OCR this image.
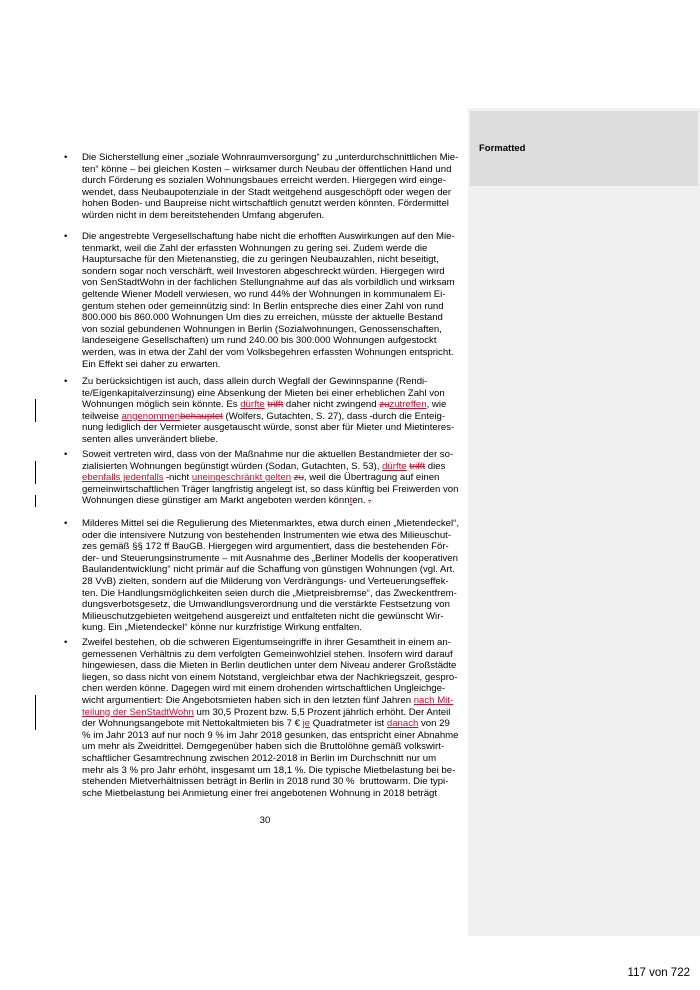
Formatted
• Die Sicherstellung einer „soziale Wohnraumversorgung“ zu „unterdurchschnittlichen Mie-
ten“ könne – bei gleichen Kosten – wirksamer durch Neubau der öffentlichen Hand und
durch Förderung es sozialen Wohnungsbaues erreicht werden. Hiergegen wird einge-
wendet, dass Neubaupotenziale in der Stadt weitgehend ausgeschöpft oder wegen der
hohen Boden- und Baupreise nicht wirtschaftlich genutzt werden könnten. Fördermittel
würden nicht in dem bereitstehenden Umfang abgerufen.
• Die angestrebte Vergesellschaftung habe nicht die erhofften Auswirkungen auf den Mie-
tenmarkt, weil die Zahl der erfassten Wohnungen zu gering sei. Zudem werde die
Hauptursache für den Mietenanstieg, die zu geringen Neubauzahlen, nicht beseitigt,
sondern sogar noch verschärft, weil Investoren abgeschreckt würden. Hiergegen wird
von SenStadtWohn in der fachlichen Stellungnahme auf das als vorbildlich und wirksam
geltende Wiener Modell verwiesen, wo rund 44% der Wohnungen in kommunalem Ei-
gentum stehen oder gemeinnützig sind: In Berlin entspreche dies einer Zahl von rund
800.000 bis 860.000 Wohnungen Um dies zu erreichen, müsste der aktuelle Bestand
von sozial gebundenen Wohnungen in Berlin (Sozialwohnungen, Genossenschaften,
landeseigene Gesellschaften) um rund 240.00 bis 300.000 Wohnungen aufgestockt
werden, was in etwa der Zahl der vom Volksbegehren erfassten Wohnungen entspricht.
Ein Effekt sei daher zu erwarten.
• Zu berücksichtigen ist auch, dass allein durch Wegfall der Gewinnspanne (Rendi-
te/Eigenkapitalverzinsung) eine Absenkung der Mieten bei einer erheblichen Zahl von
Wohnungen möglich sein könnte. Es dürfte trifft daher nicht zwingend zuzutreffen, wie
teilweise angenommenbehauptet (Wolfers, Gutachten, S. 27), dass  durch die Enteig-
nung lediglich der Vermieter ausgetauscht würde, sonst aber für Mieter und Mietinteres-
senten alles unverändert bliebe.
• Soweit vertreten wird, dass von der Maßnahme nur die aktuellen Bestandmieter der so-
zialisierten Wohnungen begünstigt würden (Sodan, Gutachten, S. 53), dürfte trifft dies
ebenfalls jedenfalls nicht uneingeschränkt gelten zu, weil die Übertragung auf einen
gemeinwirtschaftlichen Träger langfristig angelegt ist, so dass künftig bei Freiwerden von
Wohnungen diese günstiger am Markt angeboten werden könnten. .
• Milderes Mittel sei die Regulierung des Mietenmarktes, etwa durch einen „Mietendeckel“,
oder die intensivere Nutzung von bestehenden Instrumenten wie etwa des Milieuschut-
zes gemäß §§ 172 ff BauGB. Hiergegen wird argumentiert, dass die bestehenden För-
der- und Steuerungsinstrumente – mit Ausnahme des „Berliner Modells der kooperativen
Baulandentwicklung“ nicht primär auf die Schaffung von günstigen Wohnungen (vgl. Art.
28 VvB) zielten, sondern auf die Milderung von Verdrängungs- und Verteuerungseffek-
ten. Die Handlungsmöglichkeiten seien durch die „Mietpreisbremse“, das Zweckentfrem-
dungsverbotsgesetz, die Umwandlungsverordnung und die verstärkte Festsetzung von
Milieuschutzgebieten weitgehend ausgereizt und entfalteten nicht die gewünscht Wir-
kung. Ein „Mietendeckel“ könne nur kurzfristige Wirkung entfalten.
• Zweifel bestehen, ob die schweren Eigentumseingriffe in ihrer Gesamtheit in einem an-
gemessenen Verhältnis zu dem verfolgten Gemeinwohlziel stehen. Insofern wird darauf
hingewiesen, dass die Mieten in Berlin deutlichen unter dem Niveau anderer Großstädte
liegen, so dass nicht von einem Notstand, vergleichbar etwa der Nachkriegszeit, gespro-
chen werden könne. Dagegen wird mit einem drohenden wirtschaftlichen Ungleichge-
wicht argumentiert: Die Angebotsmieten haben sich in den letzten fünf Jahren nach Mit-
teilung der SenStadtWohn um 30,5 Prozent bzw. 5,5 Prozent jährlich erhöht. Der Anteil
der Wohnungsangebote mit Nettokaltmieten bis 7 € je Quadratmeter ist danach von 29
% im Jahr 2013 auf nur noch 9 % im Jahr 2018 gesunken, das entspricht einer Abnahme
um mehr als Zweidrittel. Demgegenüber haben sich die Bruttolöhne gemäß volkswirt-
schaftlicher Gesamtrechnung zwischen 2012-2018 in Berlin im Durchschnitt nur um
mehr als 3 % pro Jahr erhöht, insgesamt um 18,1 %. Die typische Mietbelastung bei be-
stehenden Mietverhältnissen beträgt in Berlin in 2018 rund 30 %  bruttowarm. Die typi-
sche Mietbelastung bei Anmietung einer frei angebotenen Wohnung in 2018 beträgt
30
117 von 722
